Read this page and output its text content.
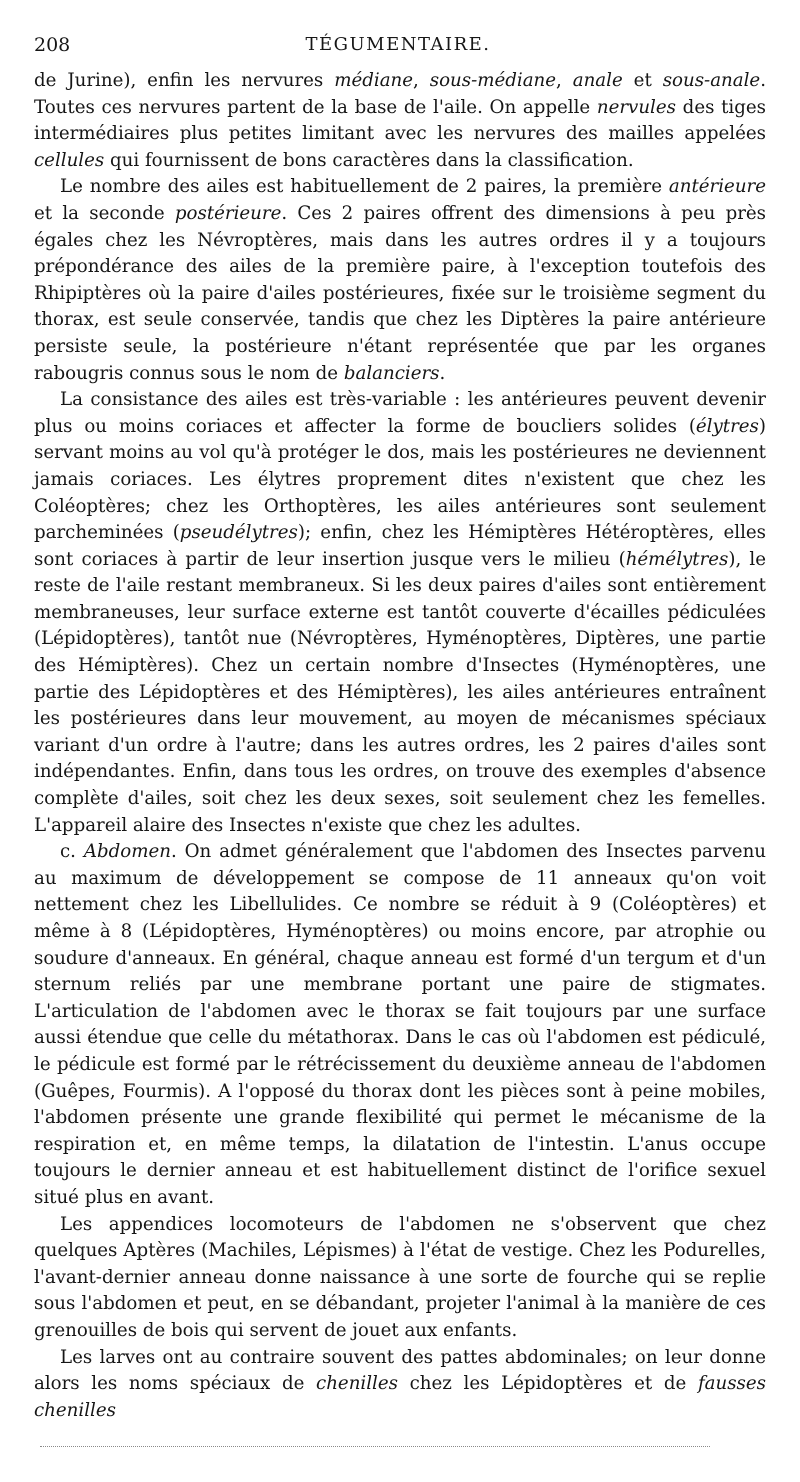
208	TÉGUMENTAIRE.

de Jurine), enfin les nervures médiane, sous-médiane, anale et sous-anale. Toutes ces nervures partent de la base de l'aile. On appelle nervules des tiges intermédiaires plus petites limitant avec les nervures des mailles appelées cellules qui fournissent de bons caractères dans la classification.

Le nombre des ailes est habituellement de 2 paires, la première antérieure et la seconde postérieure. Ces 2 paires offrent des dimensions à peu près égales chez les Névroptères, mais dans les autres ordres il y a toujours prépondérance des ailes de la première paire, à l'exception toutefois des Rhipiptères où la paire d'ailes postérieures, fixée sur le troisième segment du thorax, est seule conservée, tandis que chez les Diptères la paire antérieure persiste seule, la postérieure n'étant représentée que par les organes rabougris connus sous le nom de balanciers.

La consistance des ailes est très-variable : les antérieures peuvent devenir plus ou moins coriaces et affecter la forme de boucliers solides (élytres) servant moins au vol qu'à protéger le dos, mais les postérieures ne deviennent jamais coriaces. Les élytres proprement dites n'existent que chez les Coléoptères; chez les Orthoptères, les ailes antérieures sont seulement parcheminées (pseudélytres); enfin, chez les Hémiptères Hétéroptères, elles sont coriaces à partir de leur insertion jusque vers le milieu (hémélytres), le reste de l'aile restant membraneux. Si les deux paires d'ailes sont entièrement membraneuses, leur surface externe est tantôt couverte d'écailles pédiculées (Lépidoptères), tantôt nue (Névroptères, Hyménoptères, Diptères, une partie des Hémiptères). Chez un certain nombre d'Insectes (Hyménoptères, une partie des Lépidoptères et des Hémiptères), les ailes antérieures entraînent les postérieures dans leur mouvement, au moyen de mécanismes spéciaux variant d'un ordre à l'autre; dans les autres ordres, les 2 paires d'ailes sont indépendantes. Enfin, dans tous les ordres, on trouve des exemples d'absence complète d'ailes, soit chez les deux sexes, soit seulement chez les femelles. L'appareil alaire des Insectes n'existe que chez les adultes.

c. Abdomen. On admet généralement que l'abdomen des Insectes parvenu au maximum de développement se compose de 11 anneaux qu'on voit nettement chez les Libellulides. Ce nombre se réduit à 9 (Coléoptères) et même à 8 (Lépidoptères, Hyménoptères) ou moins encore, par atrophie ou soudure d'anneaux. En général, chaque anneau est formé d'un tergum et d'un sternum reliés par une membrane portant une paire de stigmates. L'articulation de l'abdomen avec le thorax se fait toujours par une surface aussi étendue que celle du métathorax. Dans le cas où l'abdomen est pédiculé, le pédicule est formé par le rétrécissement du deuxième anneau de l'abdomen (Guêpes, Fourmis). A l'opposé du thorax dont les pièces sont à peine mobiles, l'abdomen présente une grande flexibilité qui permet le mécanisme de la respiration et, en même temps, la dilatation de l'intestin. L'anus occupe toujours le dernier anneau et est habituellement distinct de l'orifice sexuel situé plus en avant.

Les appendices locomoteurs de l'abdomen ne s'observent que chez quelques Aptères (Machiles, Lépismes) à l'état de vestige. Chez les Podurelles, l'avant-dernier anneau donne naissance à une sorte de fourche qui se replie sous l'abdomen et peut, en se débandant, projeter l'animal à la manière de ces grenouilles de bois qui servent de jouet aux enfants.

Les larves ont au contraire souvent des pattes abdominales; on leur donne alors les noms spéciaux de chenilles chez les Lépidoptères et de fausses chenilles
